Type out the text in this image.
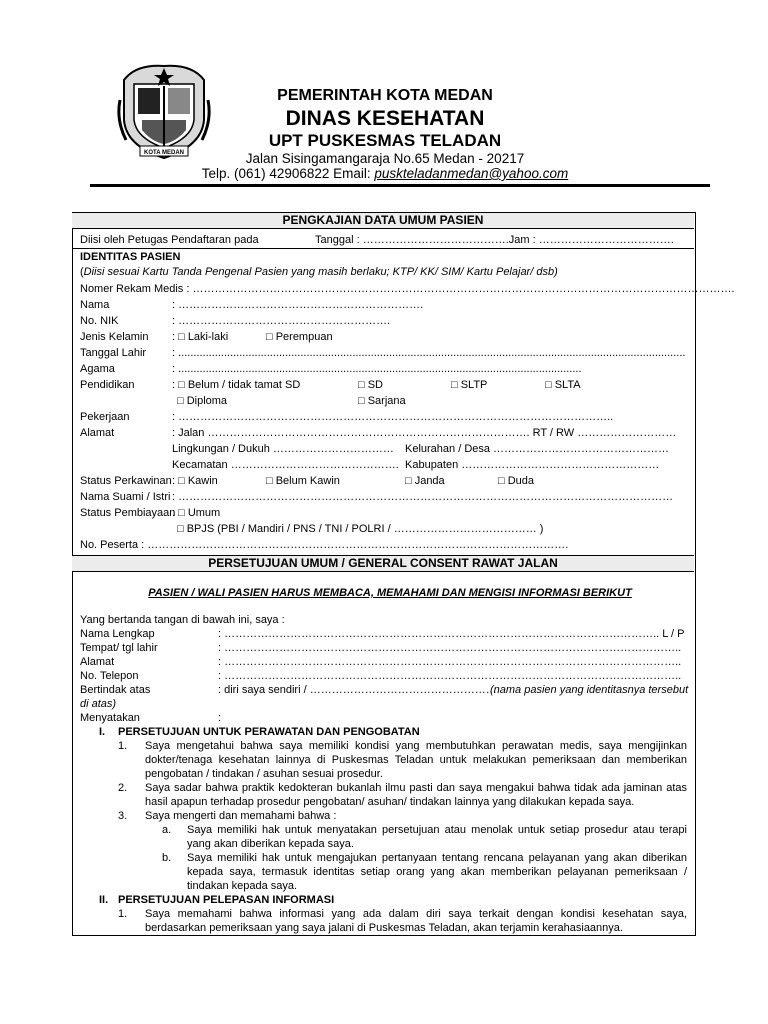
KOTA MEDAN
PEMERINTAH KOTA MEDAN
DINAS KESEHATAN
UPT PUSKESMAS TELADAN
Jalan Sisingamangaraja No.65 Medan - 20217
Telp. (061) 42906822 Email: puskteladanmedan@yahoo.com
PENGKAJIAN DATA UMUM PASIEN
Diisi oleh Petugas Pendaftaran pada	Tanggal : ………………………………….Jam : ……………………………….
IDENTITAS PASIEN
(Diisi sesuai Kartu Tanda Pengenal Pasien yang masih berlaku; KTP/ KK/ SIM/ Kartu Pelajar/ dsb)
Nomer Rekam Medis : ………………………………………………………………………………………………………………………………….
Nama	: ………………………………………………………….
No. NIK	: ………………………………………………….
Jenis Kelamin : □ Laki-laki	□ Perempuan
Tanggal Lahir : ......................................................................................................................................................................
Agama	: ....................................................................................................................................
Pendidikan	: □ Belum / tidak tamat SD	□ SD	□ SLTP	□ SLTA
□ Diploma	□ Sarjana
Pekerjaan	: ………………………………………………………………………………………………………..
Alamat	: Jalan ……………………………………………………………………………. RT / RW ………………………
Lingkungan / Dukuh …………………………… Kelurahan / Desa …………………………………………
Kecamatan ………………………………………. Kabupaten ………………………………………………
Status Perkawinan : □ Kawin	□ Belum Kawin	□ Janda	□ Duda
Nama Suami / Istri : ………………………………………………………………………………………………………………………
Status Pembiayaan
: □ Umum
□ BPJS (PBI / Mandiri / PNS / TNI / POLRI / ………………………………… )
No. Peserta : …………………………………………………………………………………………………….
PERSETUJUAN UMUM / GENERAL CONSENT RAWAT JALAN
PASIEN / WALI PASIEN HARUS MEMBACA, MEMAHAMI DAN MENGISI INFORMASI BERIKUT
Yang bertanda tangan di bawah ini, saya :
Nama Lengkap	: ……………………………………………………………………………………………………….. L / P
Tempat/ tgl lahir	: ……………………………………………………………………………………………………………..
Alamat	: ……………………………………………………………………………………………………………..
No. Telepon	: ……………………………………………………………………………………………………………..
Bertindak atas	: diri saya sendiri / ……………………………………………
(nama pasien yang identitasnya tersebut
di atas)
Menyatakan	:
I. PERSETUJUAN UNTUK PERAWATAN DAN PENGOBATAN
1. Saya mengetahui bahwa saya memiliki kondisi yang membutuhkan perawatan medis, saya mengijinkan dokter/tenaga kesehatan lainnya di Puskesmas Teladan untuk melakukan pemeriksaan dan memberikan pengobatan / tindakan / asuhan sesuai prosedur.
2. Saya sadar bahwa praktik kedokteran bukanlah ilmu pasti dan saya mengakui bahwa tidak ada jaminan atas hasil apapun terhadap prosedur pengobatan/ asuhan/ tindakan lainnya yang dilakukan kepada saya.
3. Saya mengerti dan memahami bahwa :
a. Saya memiliki hak untuk menyatakan persetujuan atau menolak untuk setiap prosedur atau terapi yang akan diberikan kepada saya.
b. Saya memiliki hak untuk mengajukan pertanyaan tentang rencana pelayanan yang akan diberikan kepada saya, termasuk identitas setiap orang yang akan memberikan pelayanan pemeriksaan / tindakan kepada saya.
II. PERSETUJUAN PELEPASAN INFORMASI
1. Saya memahami bahwa informasi yang ada dalam diri saya terkait dengan kondisi kesehatan saya, berdasarkan pemeriksaan yang saya jalani di Puskesmas Teladan, akan terjamin kerahasiaannya.
